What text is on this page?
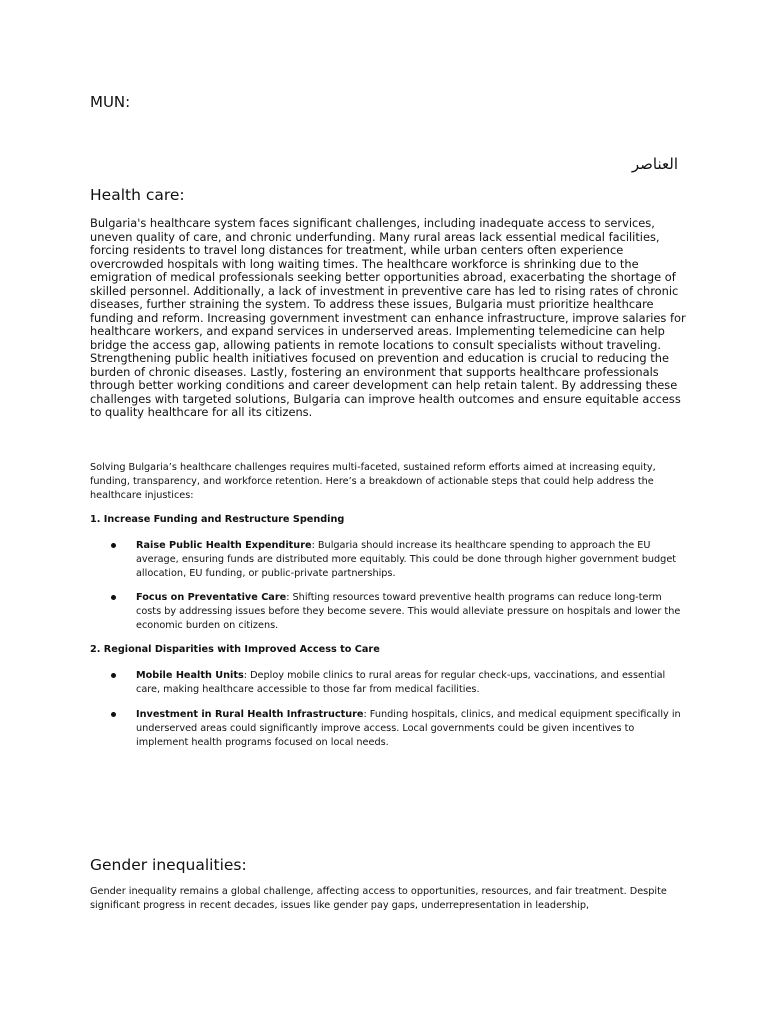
MUN:

العناصر

Health care:

Bulgaria's healthcare system faces significant challenges, including inadequate access to services, uneven quality of care, and chronic underfunding. Many rural areas lack essential medical facilities, forcing residents to travel long distances for treatment, while urban centers often experience overcrowded hospitals with long waiting times. The healthcare workforce is shrinking due to the emigration of medical professionals seeking better opportunities abroad, exacerbating the shortage of skilled personnel. Additionally, a lack of investment in preventive care has led to rising rates of chronic diseases, further straining the system. To address these issues, Bulgaria must prioritize healthcare funding and reform. Increasing government investment can enhance infrastructure, improve salaries for healthcare workers, and expand services in underserved areas. Implementing telemedicine can help bridge the access gap, allowing patients in remote locations to consult specialists without traveling. Strengthening public health initiatives focused on prevention and education is crucial to reducing the burden of chronic diseases. Lastly, fostering an environment that supports healthcare professionals through better working conditions and career development can help retain talent. By addressing these challenges with targeted solutions, Bulgaria can improve health outcomes and ensure equitable access to quality healthcare for all its citizens.

Solving Bulgaria’s healthcare challenges requires multi-faceted, sustained reform efforts aimed at increasing equity, funding, transparency, and workforce retention. Here’s a breakdown of actionable steps that could help address the healthcare injustices:

1. Increase Funding and Restructure Spending

Raise Public Health Expenditure: Bulgaria should increase its healthcare spending to approach the EU average, ensuring funds are distributed more equitably. This could be done through higher government budget allocation, EU funding, or public-private partnerships.

Focus on Preventative Care: Shifting resources toward preventive health programs can reduce long-term costs by addressing issues before they become severe. This would alleviate pressure on hospitals and lower the economic burden on citizens.

2. Regional Disparities with Improved Access to Care

Mobile Health Units: Deploy mobile clinics to rural areas for regular check-ups, vaccinations, and essential care, making healthcare accessible to those far from medical facilities.

Investment in Rural Health Infrastructure: Funding hospitals, clinics, and medical equipment specifically in underserved areas could significantly improve access. Local governments could be given incentives to implement health programs focused on local needs.

Gender inequalities:

Gender inequality remains a global challenge, affecting access to opportunities, resources, and fair treatment. Despite significant progress in recent decades, issues like gender pay gaps, underrepresentation in leadership,
